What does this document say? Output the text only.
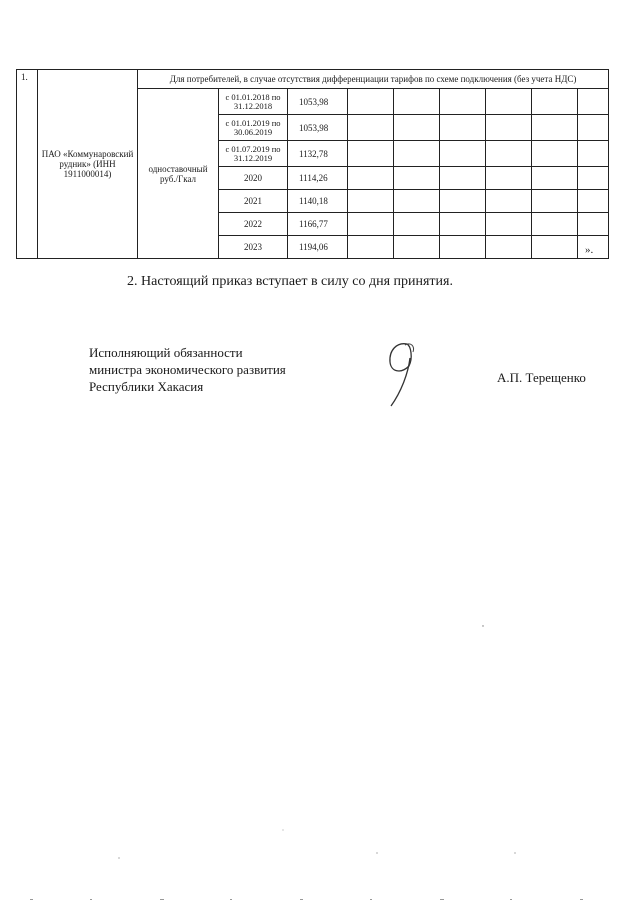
1.	ПАО «Коммунаровский рудник» (ИНН 1911000014)	Для потребителей, в случае отсутствия дифференциации тарифов по схеме подключения (без учета НДС)								
		одноставочный руб./Гкал	с 01.01.2018 по 31.12.2018	1053,98						
			с 01.01.2019 по 30.06.2019	1053,98						
			с 01.07.2019 по 31.12.2019	1132,78						
			2020	1114,26						
			2021	1140,18						
			2022	1166,77						
			2023	1194,06							».
2. Настоящий приказ вступает в силу со дня принятия.
Исполняющий обязанности
министра экономического развития
Республики Хакасия
А.П. Терещенко
